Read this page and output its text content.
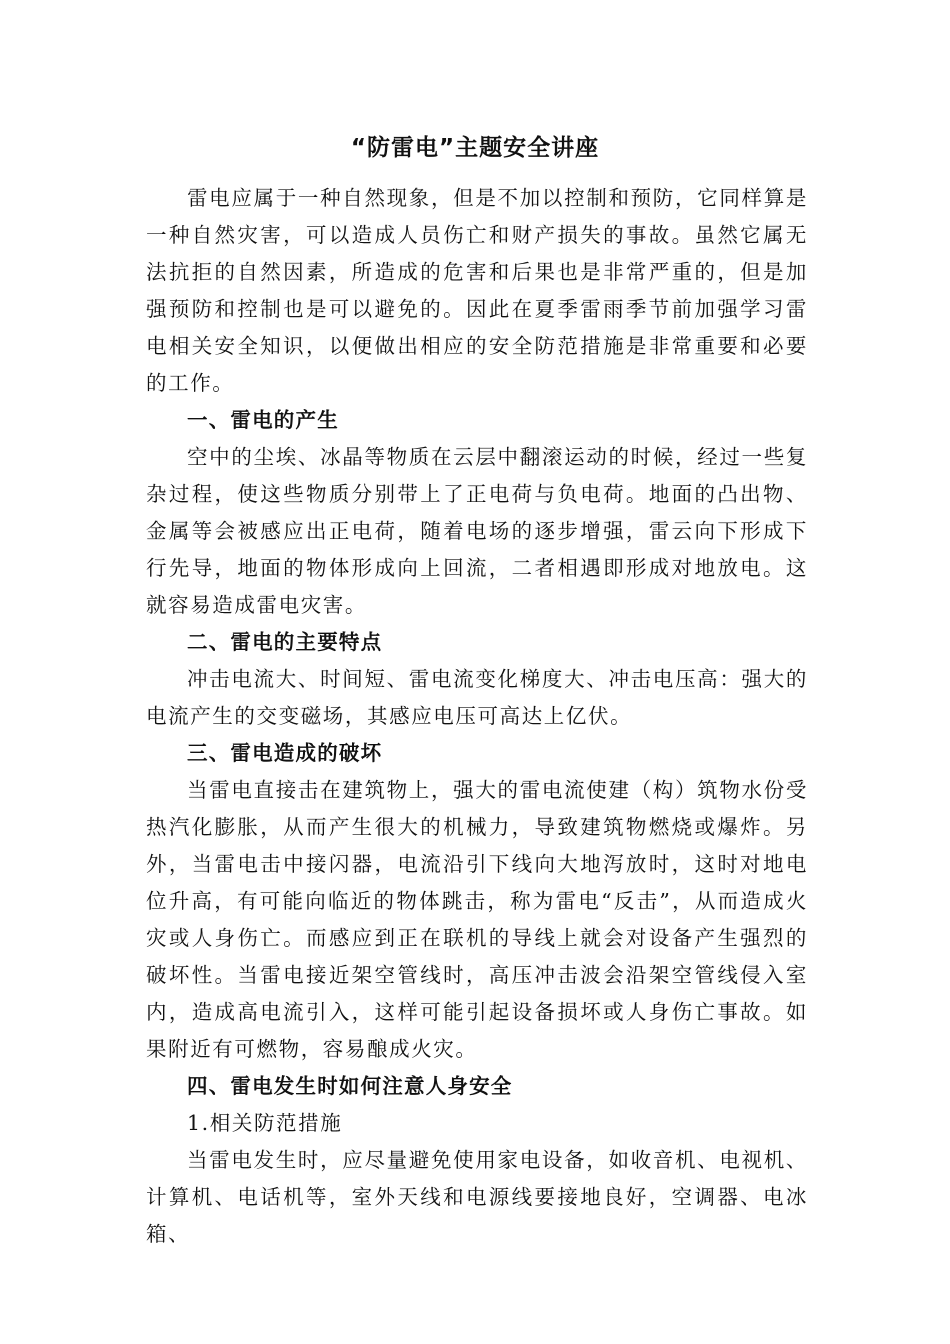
“防雷电”主题安全讲座

雷电应属于一种自然现象，但是不加以控制和预防，它同样算是一种自然灾害，可以造成人员伤亡和财产损失的事故。虽然它属无法抗拒的自然因素，所造成的危害和后果也是非常严重的，但是加强预防和控制也是可以避免的。因此在夏季雷雨季节前加强学习雷电相关安全知识，以便做出相应的安全防范措施是非常重要和必要的工作。

一、雷电的产生

空中的尘埃、冰晶等物质在云层中翻滚运动的时候，经过一些复杂过程，使这些物质分别带上了正电荷与负电荷。地面的凸出物、金属等会被感应出正电荷，随着电场的逐步增强，雷云向下形成下行先导，地面的物体形成向上回流，二者相遇即形成对地放电。这就容易造成雷电灾害。

二、雷电的主要特点

冲击电流大、时间短、雷电流变化梯度大、冲击电压高：强大的电流产生的交变磁场，其感应电压可高达上亿伏。

三、雷电造成的破坏

当雷电直接击在建筑物上，强大的雷电流使建（构）筑物水份受热汽化膨胀，从而产生很大的机械力，导致建筑物燃烧或爆炸。另外，当雷电击中接闪器，电流沿引下线向大地泻放时，这时对地电位升高，有可能向临近的物体跳击，称为雷电“反击”，从而造成火灾或人身伤亡。而感应到正在联机的导线上就会对设备产生强烈的破坏性。当雷电接近架空管线时，高压冲击波会沿架空管线侵入室内，造成高电流引入，这样可能引起设备损坏或人身伤亡事故。如果附近有可燃物，容易酿成火灾。

四、雷电发生时如何注意人身安全
1.相关防范措施

当雷电发生时，应尽量避免使用家电设备，如收音机、电视机、计算机、电话机等，室外天线和电源线要接地良好，空调器、电冰箱、
